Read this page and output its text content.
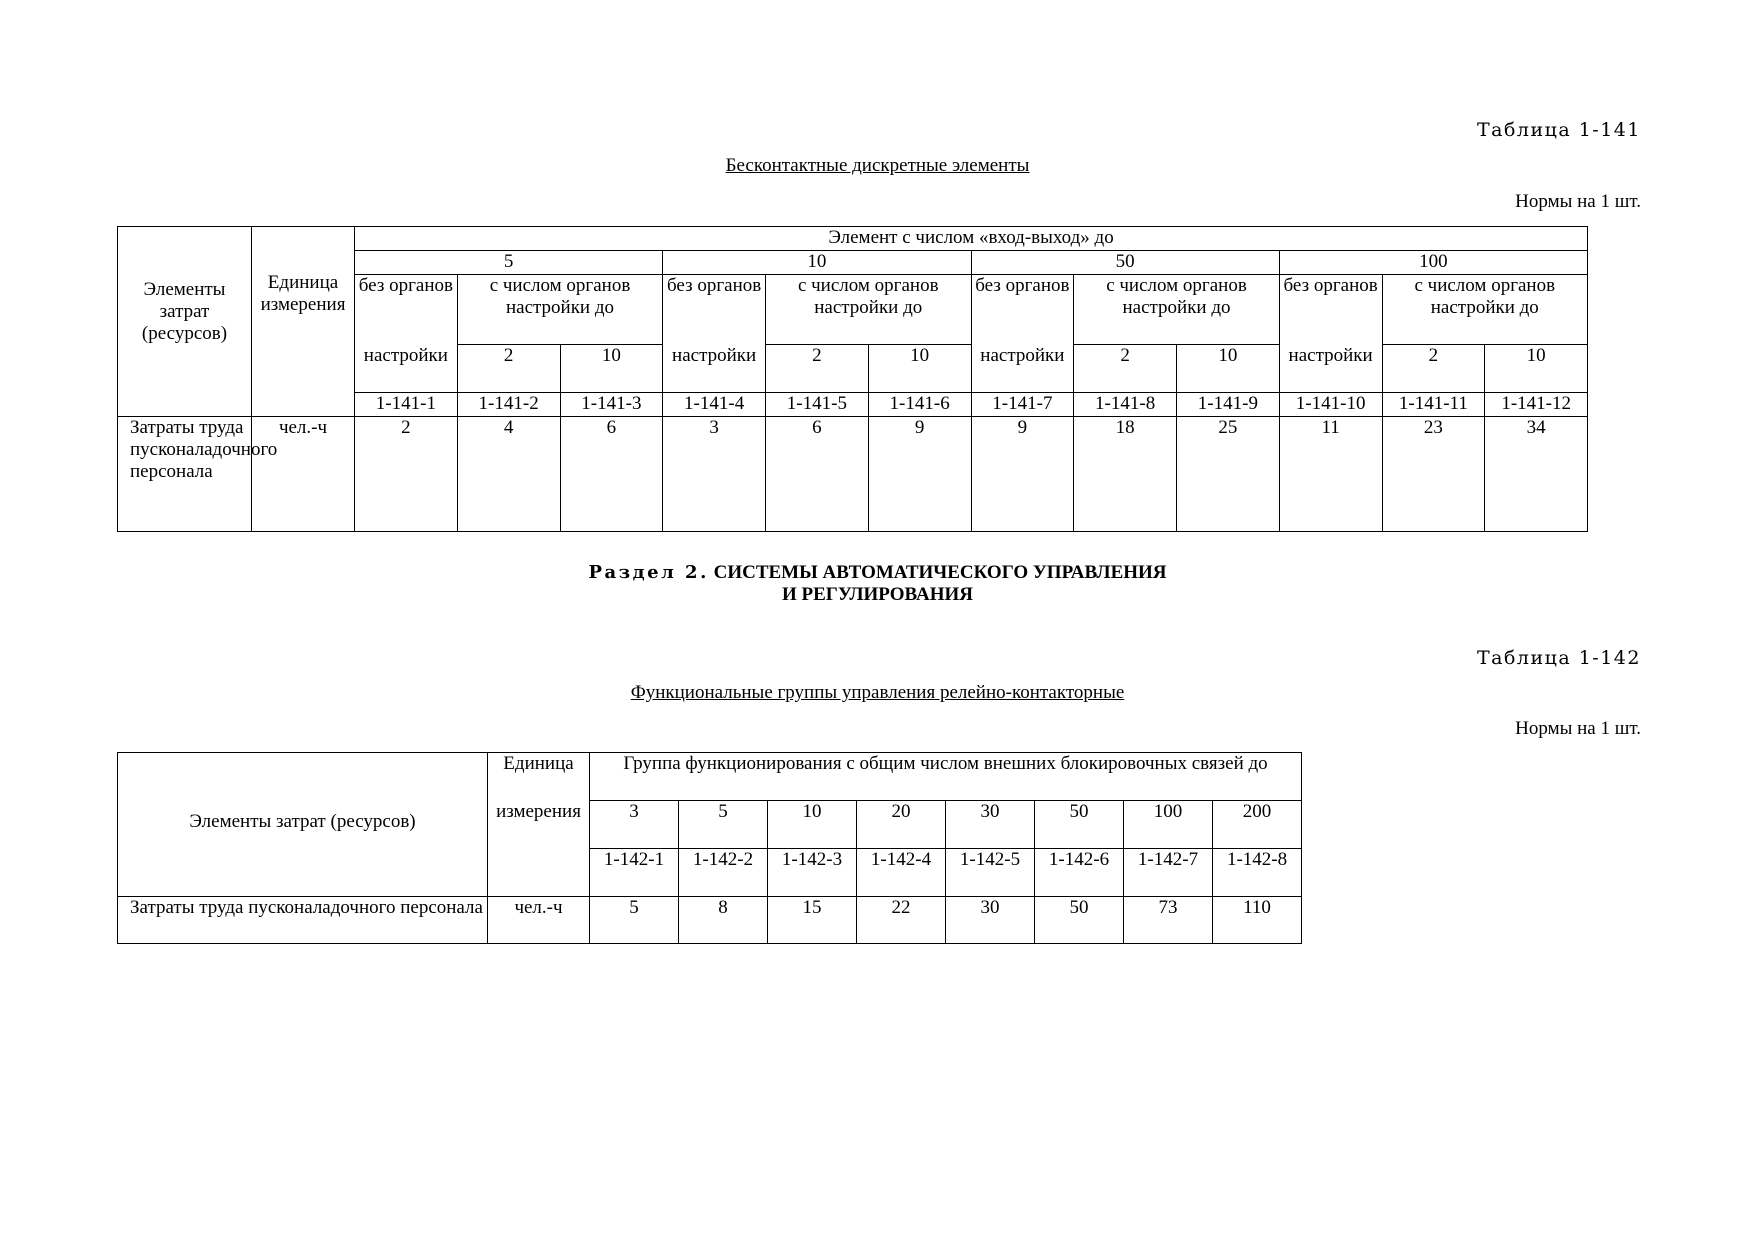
Таблица 1-141
Бесконтактные дискретные элементы
Нормы на 1 шт.
Элементы затрат (ресурсов)	Единица измерения	Элемент с числом «вход-выход» до											
		5			10			50			100		
		без органов	с числом органов настройки до		без органов	с числом органов настройки до		без органов	с числом органов настройки до		без органов	с числом органов настройки до	
		настройки	2	10	настройки	2	10	настройки	2	10	настройки	2	10
		1-141-1	1-141-2	1-141-3	1-141-4	1-141-5	1-141-6	1-141-7	1-141-8	1-141-9	1-141-10	1-141-11	1-141-12
Затраты труда пусконаладочного персонала	чел.-ч	2	4	6	3	6	9	9	18	25	11	23	34
Раздел 2. СИСТЕМЫ АВТОМАТИЧЕСКОГО УПРАВЛЕНИЯ
И РЕГУЛИРОВАНИЯ
Таблица 1-142
Функциональные группы управления релейно-контакторные
Нормы на 1 шт.
Элементы затрат (ресурсов)	Единица	Группа функционирования с общим числом внешних блокировочных связей до							
	измерения	3	5	10	20	30	50	100	200
		1-142-1	1-142-2	1-142-3	1-142-4	1-142-5	1-142-6	1-142-7	1-142-8
Затраты труда пусконаладочного персонала	чел.-ч	5	8	15	22	30	50	73	110
